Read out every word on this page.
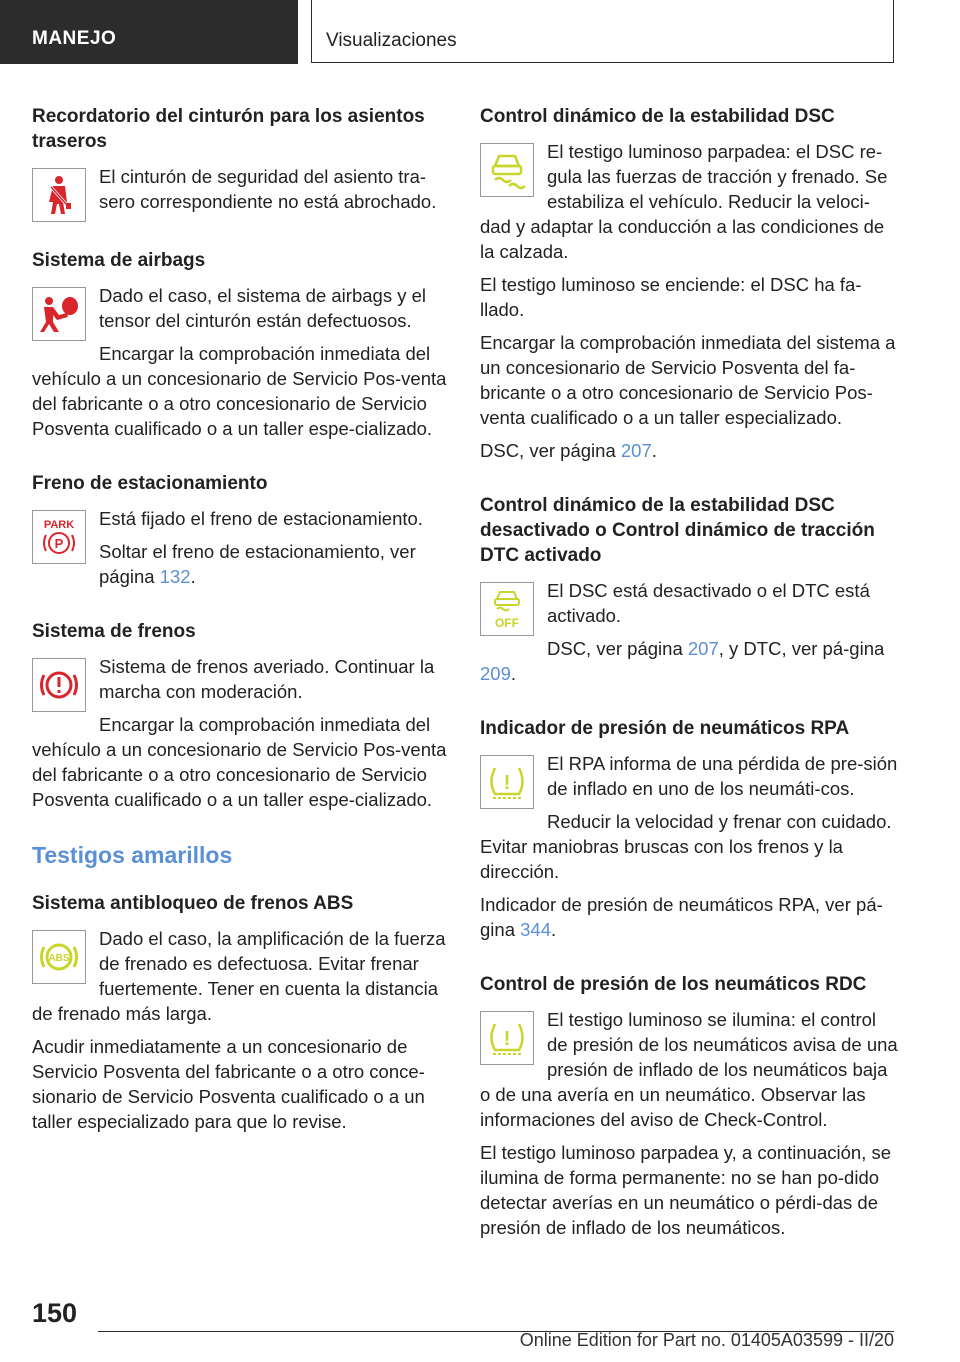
MANEJO	Visualizaciones
Recordatorio del cinturón para los asientos traseros

El cinturón de seguridad del asiento tra-sero correspondiente no está abrochado.

Sistema de airbags

Dado el caso, el sistema de airbags y el tensor del cinturón están defectuosos.

Encargar la comprobación inmediata del vehículo a un concesionario de Servicio Pos-venta del fabricante o a otro concesionario de Servicio Posventa cualificado o a un taller espe-cializado.

Freno de estacionamiento
PARK
P

Está fijado el freno de estacionamiento.

Soltar el freno de estacionamiento, ver página 132.

Sistema de frenos

Sistema de frenos averiado. Continuar la marcha con moderación.

Encargar la comprobación inmediata del vehículo a un concesionario de Servicio Pos-venta del fabricante o a otro concesionario de Servicio Posventa cualificado o a un taller espe-cializado.

Testigos amarillos
Sistema antibloqueo de frenos ABS
ABS

Dado el caso, la amplificación de la fuerza de frenado es defectuosa. Evitar frenar fuertemente. Tener en cuenta la distancia de frenado más larga.

Acudir inmediatamente a un concesionario de Servicio Posventa del fabricante o a otro conce-sionario de Servicio Posventa cualificado o a un taller especializado para que lo revise.

Control dinámico de la estabilidad DSC

El testigo luminoso parpadea: el DSC re-gula las fuerzas de tracción y frenado. Se estabiliza el vehículo. Reducir la veloci-dad y adaptar la conducción a las condiciones de la calzada.

El testigo luminoso se enciende: el DSC ha fa-llado.

Encargar la comprobación inmediata del sistema a un concesionario de Servicio Posventa del fa-bricante o a otro concesionario de Servicio Pos-venta cualificado o a un taller especializado.

DSC, ver página 207.

Control dinámico de la estabilidad DSC desactivado o Control dinámico de tracción DTC activado
OFF

El DSC está desactivado o el DTC está activado.

DSC, ver página 207, y DTC, ver pá-gina 209.

Indicador de presión de neumáticos RPA
!

El RPA informa de una pérdida de pre-sión de inflado en uno de los neumáti-cos.

Reducir la velocidad y frenar con cuidado. Evitar maniobras bruscas con los frenos y la dirección.

Indicador de presión de neumáticos RPA, ver pá-gina 344.

Control de presión de los neumáticos RDC
!

El testigo luminoso se ilumina: el control de presión de los neumáticos avisa de una presión de inflado de los neumáticos baja o de una avería en un neumático. Observar las informaciones del aviso de Check-Control.

El testigo luminoso parpadea y, a continuación, se ilumina de forma permanente: no se han po-dido detectar averías en un neumático o pérdi-das de presión de inflado de los neumáticos.

150
Online Edition for Part no. 01405A03599 - II/20
